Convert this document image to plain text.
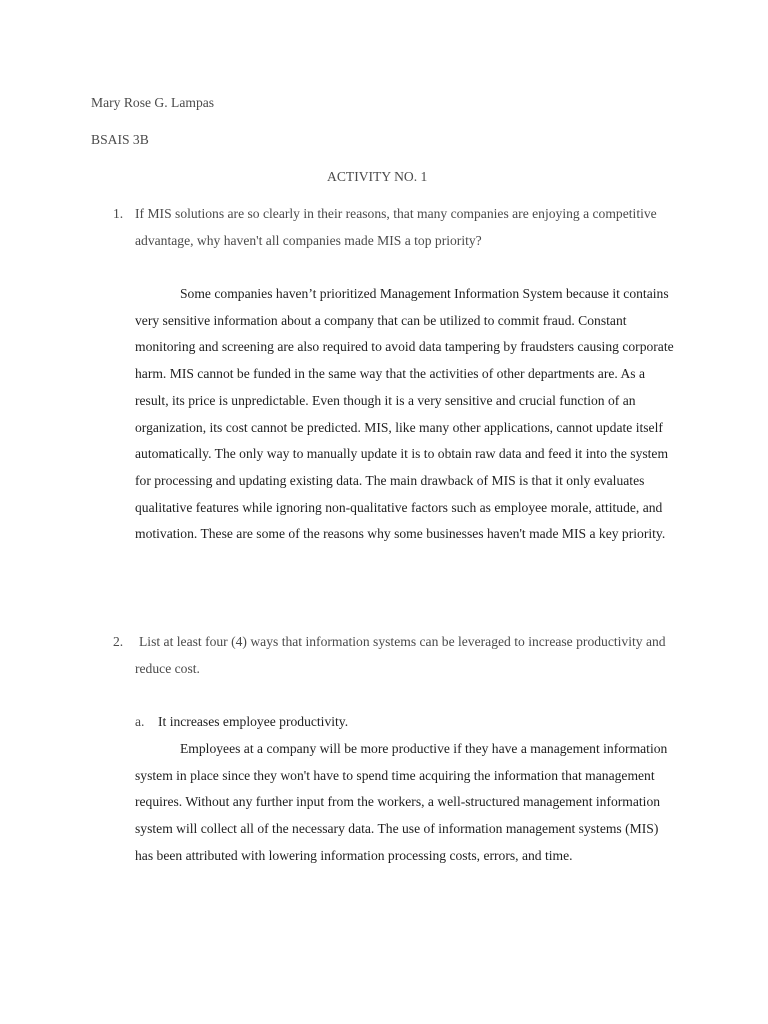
Mary Rose G. Lampas
BSAIS 3B
ACTIVITY NO. 1
1. If MIS solutions are so clearly in their reasons, that many companies are enjoying a competitive advantage, why haven't all companies made MIS a top priority?
Some companies haven’t prioritized Management Information System because it contains very sensitive information about a company that can be utilized to commit fraud. Constant monitoring and screening are also required to avoid data tampering by fraudsters causing corporate harm. MIS cannot be funded in the same way that the activities of other departments are. As a result, its price is unpredictable. Even though it is a very sensitive and crucial function of an organization, its cost cannot be predicted. MIS, like many other applications, cannot update itself automatically. The only way to manually update it is to obtain raw data and feed it into the system for processing and updating existing data. The main drawback of MIS is that it only evaluates qualitative features while ignoring non-qualitative factors such as employee morale, attitude, and motivation. These are some of the reasons why some businesses haven't made MIS a key priority.
2. List at least four (4) ways that information systems can be leveraged to increase productivity and reduce cost.
a. It increases employee productivity.
Employees at a company will be more productive if they have a management information system in place since they won't have to spend time acquiring the information that management requires. Without any further input from the workers, a well-structured management information system will collect all of the necessary data. The use of information management systems (MIS) has been attributed with lowering information processing costs, errors, and time.
